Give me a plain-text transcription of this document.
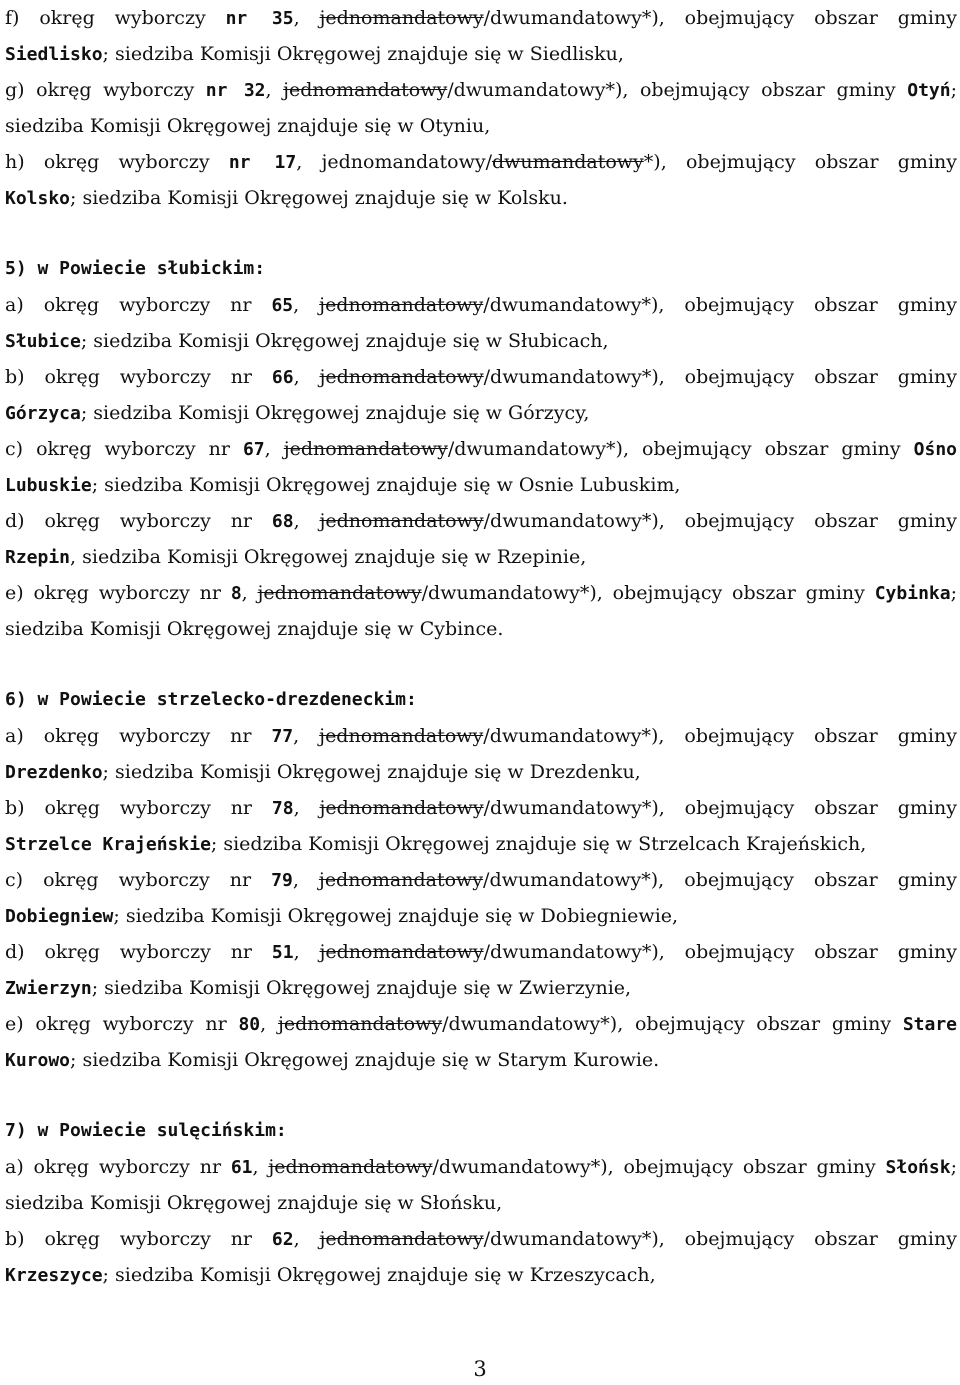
f) okręg wyborczy nr 35, jednomandatowy/dwumandatowy*), obejmujący obszar gminy
Siedlisko; siedziba Komisji Okręgowej znajduje się w Siedlisku,
g) okręg wyborczy nr 32, jednomandatowy/dwumandatowy*), obejmujący obszar gminy Otyń;
siedziba Komisji Okręgowej znajduje się w Otyniu,
h) okręg wyborczy nr 17, jednomandatowy/dwumandatowy*), obejmujący obszar gminy
Kolsko; siedziba Komisji Okręgowej znajduje się w Kolsku.
5) w Powiecie słubickim:
a) okręg wyborczy nr 65, jednomandatowy/dwumandatowy*), obejmujący obszar gminy
Słubice; siedziba Komisji Okręgowej znajduje się w Słubicach,
b) okręg wyborczy nr 66, jednomandatowy/dwumandatowy*), obejmujący obszar gminy
Górzyca; siedziba Komisji Okręgowej znajduje się w Górzycy,
c) okręg wyborczy nr 67, jednomandatowy/dwumandatowy*), obejmujący obszar gminy Ośno
Lubuskie; siedziba Komisji Okręgowej znajduje się w Osnie Lubuskim,
d) okręg wyborczy nr 68, jednomandatowy/dwumandatowy*), obejmujący obszar gminy
Rzepin, siedziba Komisji Okręgowej znajduje się w Rzepinie,
e) okręg wyborczy nr 8, jednomandatowy/dwumandatowy*), obejmujący obszar gminy Cybinka;
siedziba Komisji Okręgowej znajduje się w Cybince.
6) w Powiecie strzelecko-drezdeneckim:
a) okręg wyborczy nr 77, jednomandatowy/dwumandatowy*), obejmujący obszar gminy
Drezdenko; siedziba Komisji Okręgowej znajduje się w Drezdenku,
b) okręg wyborczy nr 78, jednomandatowy/dwumandatowy*), obejmujący obszar gminy
Strzelce Krajeńskie; siedziba Komisji Okręgowej znajduje się w Strzelcach Krajeńskich,
c) okręg wyborczy nr 79, jednomandatowy/dwumandatowy*), obejmujący obszar gminy
Dobiegniew; siedziba Komisji Okręgowej znajduje się w Dobiegniewie,
d) okręg wyborczy nr 51, jednomandatowy/dwumandatowy*), obejmujący obszar gminy
Zwierzyn; siedziba Komisji Okręgowej znajduje się w Zwierzynie,
e) okręg wyborczy nr 80, jednomandatowy/dwumandatowy*), obejmujący obszar gminy Stare
Kurowo; siedziba Komisji Okręgowej znajduje się w Starym Kurowie.
7) w Powiecie sulęcińskim:
a) okręg wyborczy nr 61, jednomandatowy/dwumandatowy*), obejmujący obszar gminy Słońsk;
siedziba Komisji Okręgowej znajduje się w Słońsku,
b) okręg wyborczy nr 62, jednomandatowy/dwumandatowy*), obejmujący obszar gminy
Krzeszyce; siedziba Komisji Okręgowej znajduje się w Krzeszycach,
3
